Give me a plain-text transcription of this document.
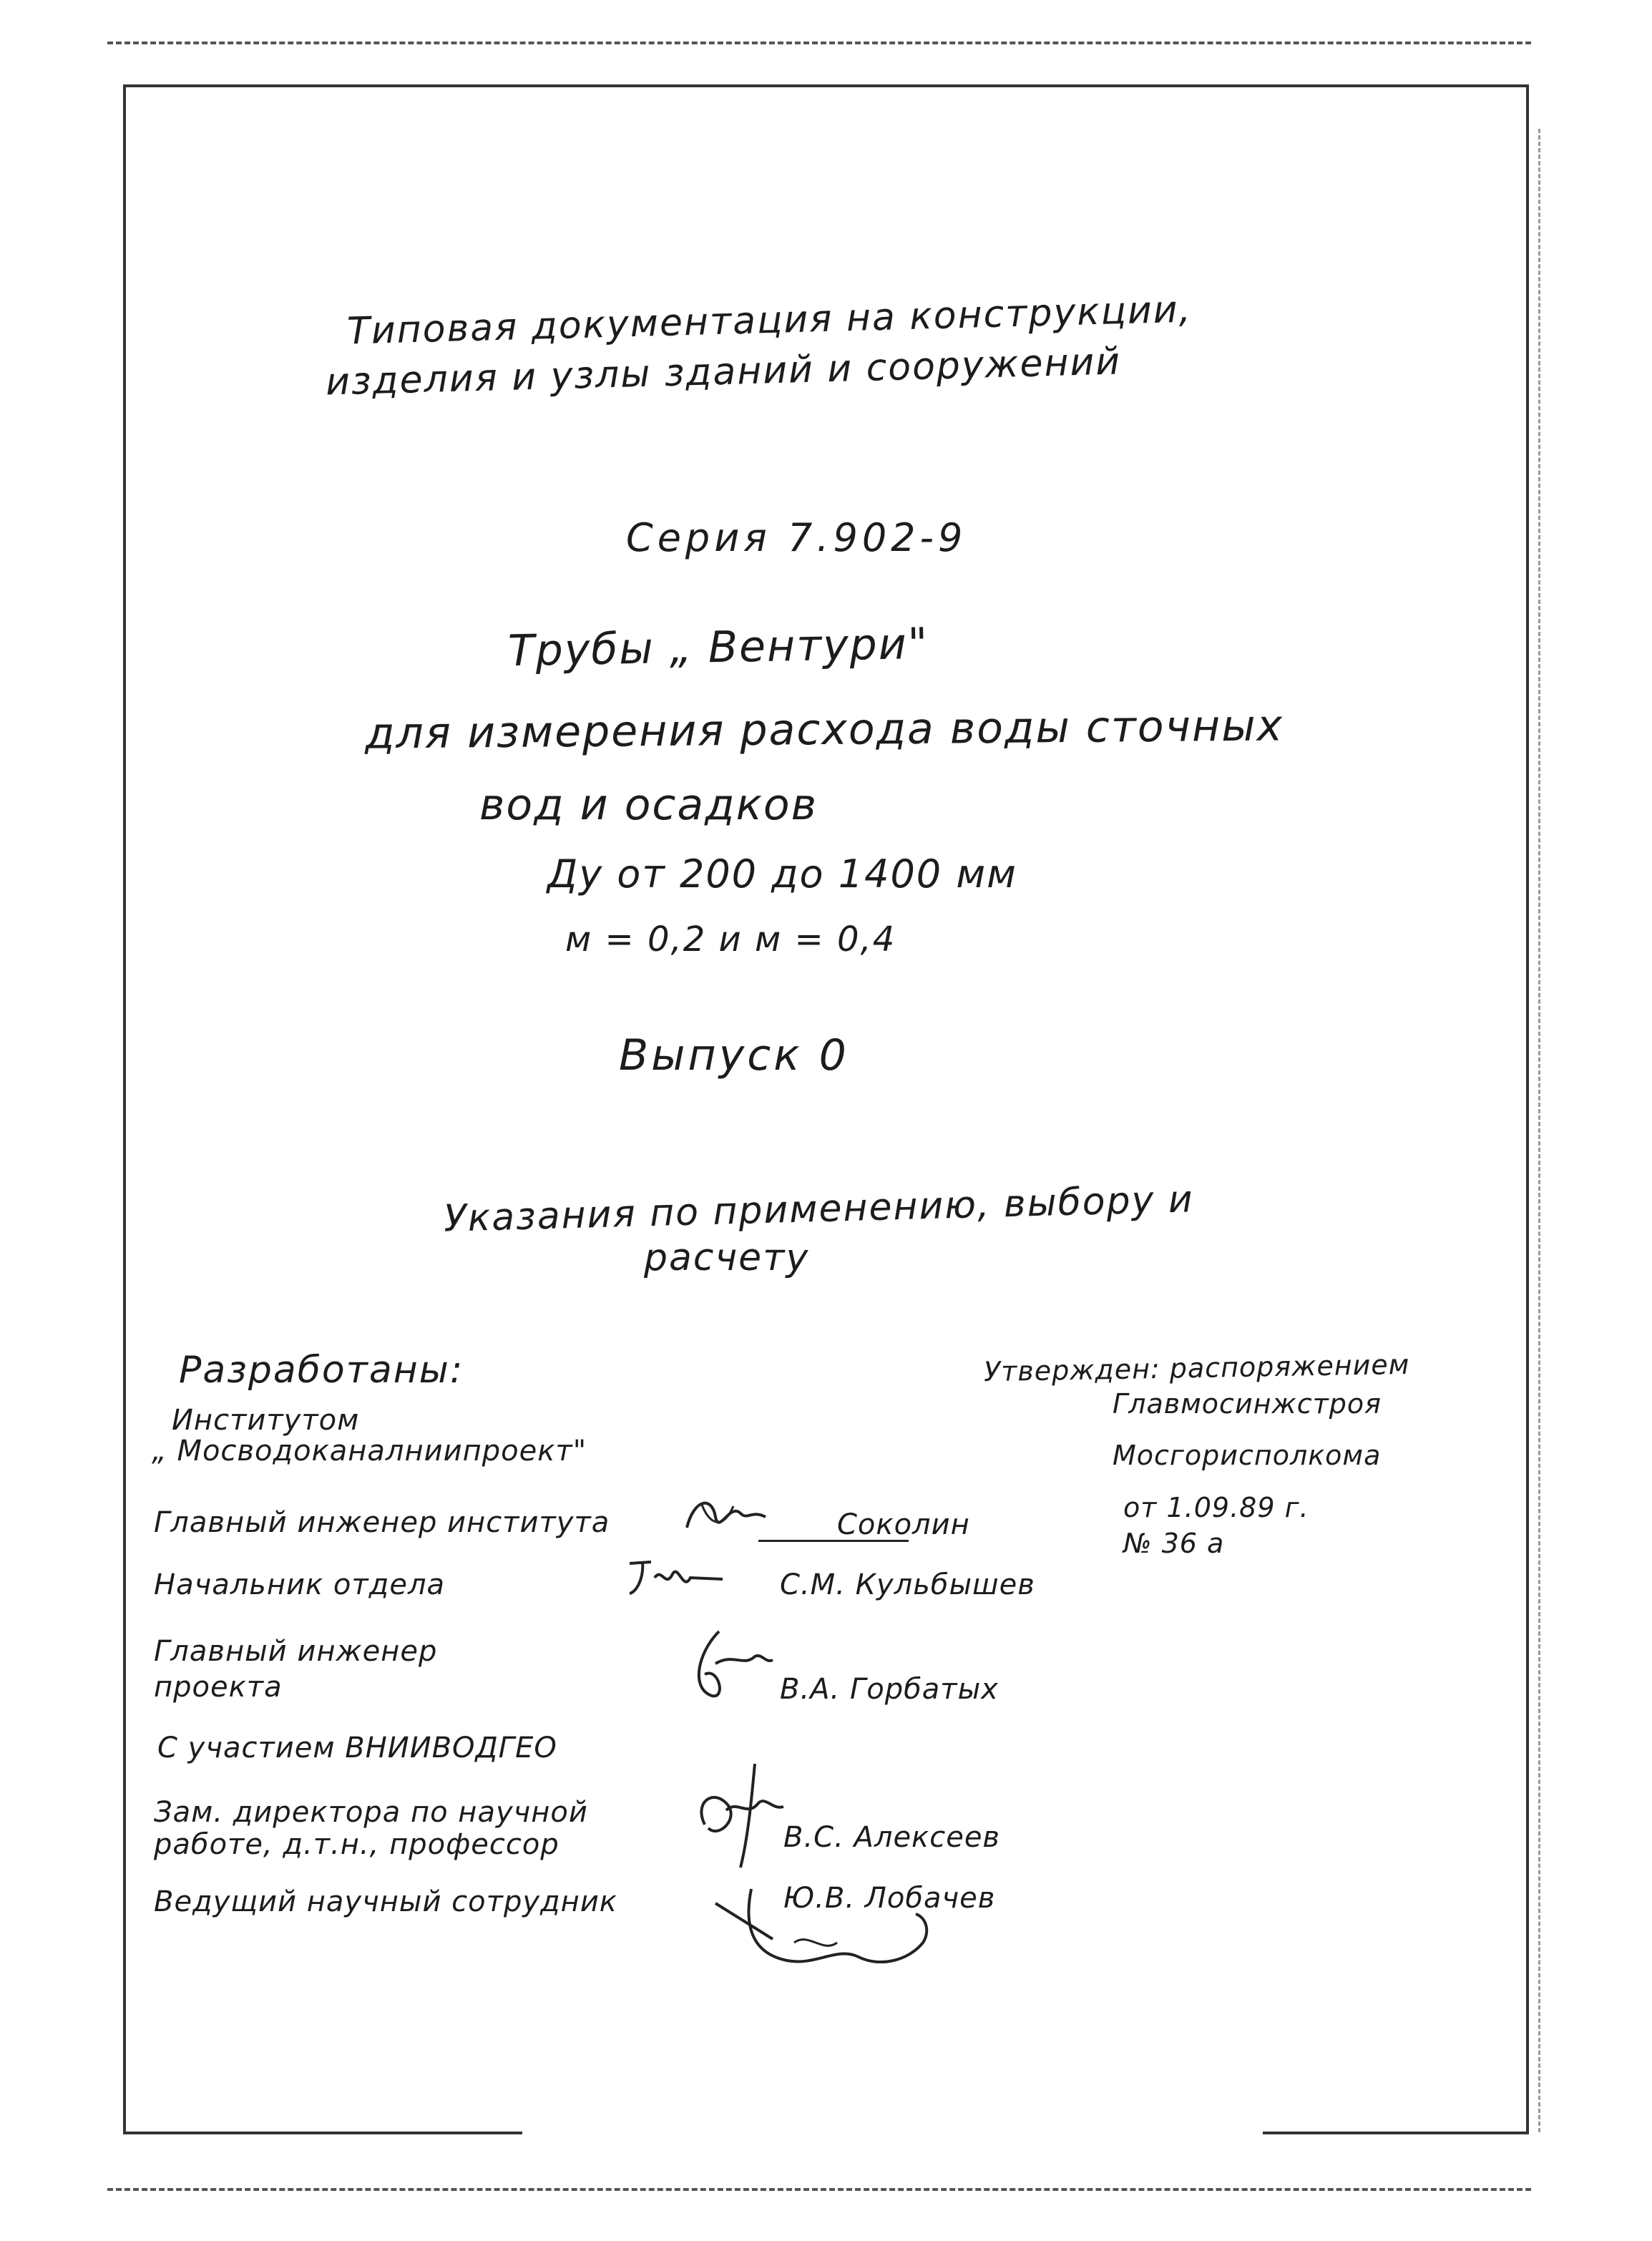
Типовая документация на конструкции,
изделия и узлы зданий и сооружений
Серия 7.902-9
Трубы „ Вентури"
для измерения расхода воды сточных
вод и осадков
Ду от 200 до 1400 мм
м = 0,2 и м = 0,4
Выпуск 0
Указания по применению, выбору и
расчету
Разработаны:
Институтом
„ Мосводоканалниипроект"
Главный инженер института	Соколин
Начальник отдела	С.М. Кульбышев
Главный инженер
проекта	В.А. Горбатых
С участием ВНИИВОДГЕО
Зам. директора по научной
работе, д.т.н., профессор	В.С. Алексеев
Ведущий научный сотрудник	Ю.В. Лобачев
Утвержден: распоряжением
Главмосинжстроя
Мосгорисполкома
от 1.09.89 г.
№ 36 а
